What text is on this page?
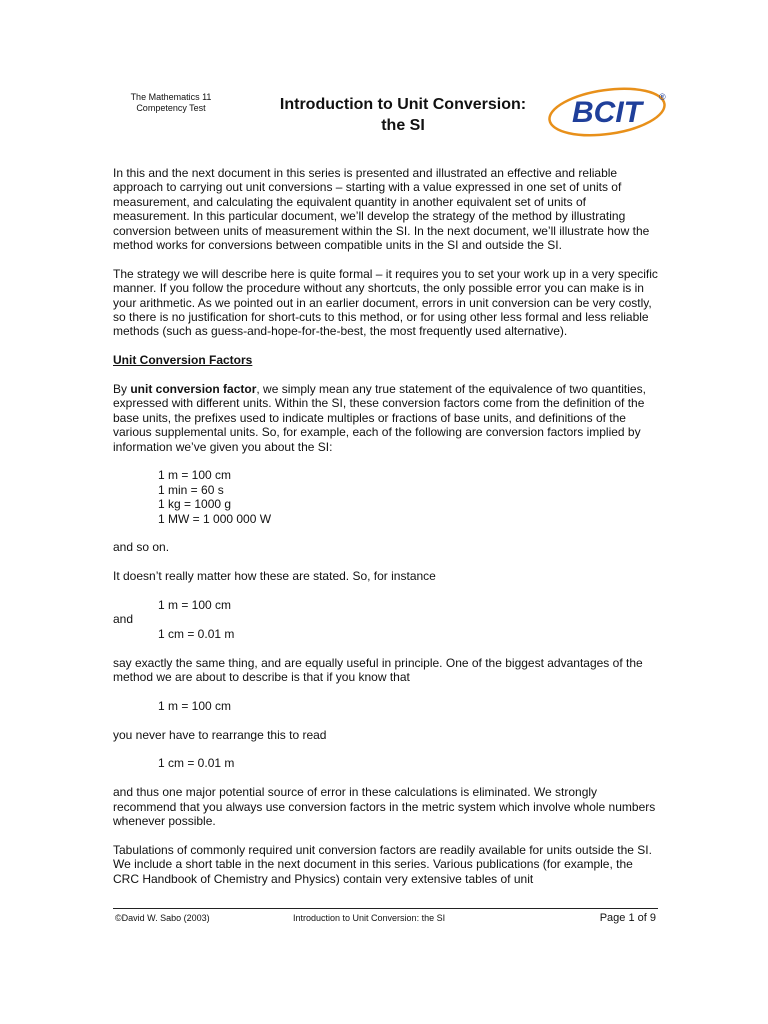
The Mathematics 11
Competency Test	Introduction to Unit Conversion:
the SI	BCIT ®

In this and the next document in this series is presented and illustrated an effective and reliable approach to carrying out unit conversions – starting with a value expressed in one set of units of measurement, and calculating the equivalent quantity in another equivalent set of units of measurement. In this particular document, we’ll develop the strategy of the method by illustrating conversion between units of measurement within the SI. In the next document, we’ll illustrate how the method works for conversions between compatible units in the SI and outside the SI.

The strategy we will describe here is quite formal – it requires you to set your work up in a very specific manner. If you follow the procedure without any shortcuts, the only possible error you can make is in your arithmetic. As we pointed out in an earlier document, errors in unit conversion can be very costly, so there is no justification for short-cuts to this method, or for using other less formal and less reliable methods (such as guess-and-hope-for-the-best, the most frequently used alternative).

Unit Conversion Factors

By unit conversion factor, we simply mean any true statement of the equivalence of two quantities, expressed with different units. Within the SI, these conversion factors come from the definition of the base units, the prefixes used to indicate multiples or fractions of base units, and definitions of the various supplemental units. So, for example, each of the following are conversion factors implied by information we’ve given you about the SI:

1 m = 100 cm
1 min = 60 s
1 kg = 1000 g
1 MW = 1 000 000 W

and so on.

It doesn’t really matter how these are stated. So, for instance

1 m = 100 cm
and
1 cm = 0.01 m

say exactly the same thing, and are equally useful in principle. One of the biggest advantages of the method we are about to describe is that if you know that

1 m = 100 cm

you never have to rearrange this to read

1 cm = 0.01 m

and thus one major potential source of error in these calculations is eliminated. We strongly recommend that you always use conversion factors in the metric system which involve whole numbers whenever possible.

Tabulations of commonly required unit conversion factors are readily available for units outside the SI. We include a short table in the next document in this series. Various publications (for example, the CRC Handbook of Chemistry and Physics) contain very extensive tables of unit

©David W. Sabo (2003)	Introduction to Unit Conversion: the SI	Page 1 of 9
